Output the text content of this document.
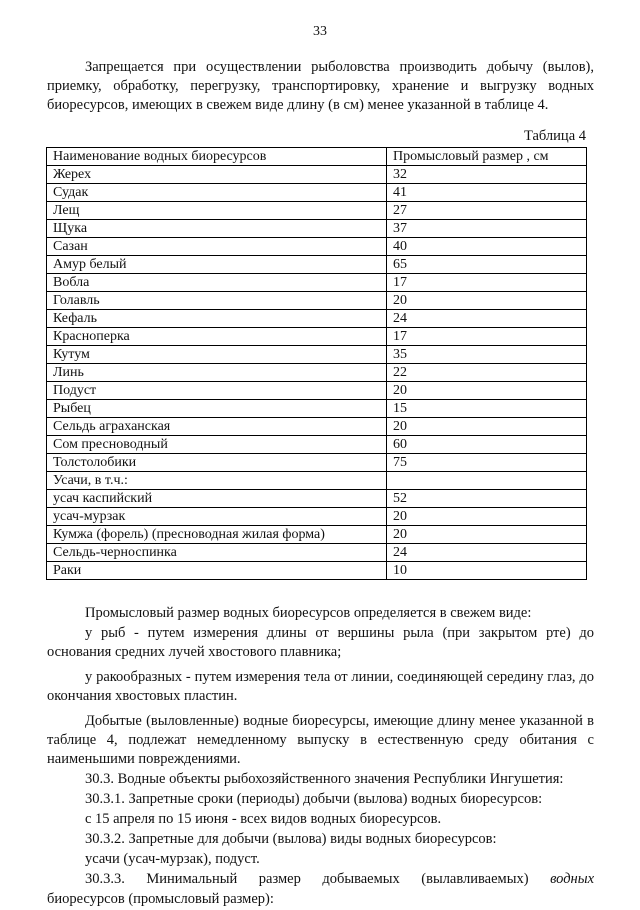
33

Запрещается при осуществлении рыболовства производить добычу (вылов), приемку, обработку, перегрузку, транспортировку, хранение и выгрузку водных биоресурсов, имеющих в свежем виде длину (в см) менее указанной в таблице 4.

Таблица 4
Наименование водных биоресурсов	Промысловый размер , см
Жерех	32
Судак	41
Лещ	27
Щука	37
Сазан	40
Амур белый	65
Вобла	17
Голавль	20
Кефаль	24
Красноперка	17
Кутум	35
Линь	22
Подуст	20
Рыбец	15
Сельдь аграханская	20
Сом пресноводный	60
Толстолобики	75
Усачи, в т.ч.:	
усач каспийский	52
усач-мурзак	20
Кумжа (форель) (пресноводная жилая форма)	20
Сельдь-черноспинка	24
Раки	10

Промысловый размер водных биоресурсов определяется в свежем виде:

у рыб - путем измерения длины от вершины рыла (при закрытом рте) до основания средних лучей хвостового плавника;

у ракообразных - путем измерения тела от линии, соединяющей середину глаз, до окончания хвостовых пластин.

Добытые (выловленные) водные биоресурсы, имеющие длину менее указанной в таблице 4, подлежат немедленному выпуску в естественную среду обитания с наименьшими повреждениями.

30.3. Водные объекты рыбохозяйственного значения Республики Ингушетия:

30.3.1. Запретные сроки (периоды) добычи (вылова) водных биоресурсов:

с 15 апреля по 15 июня - всех видов водных биоресурсов.

30.3.2. Запретные для добычи (вылова) виды водных биоресурсов:

усачи (усач-мурзак), подуст.

30.3.3. Минимальный размер добываемых (вылавливаемых) водных

биоресурсов (промысловый размер):
